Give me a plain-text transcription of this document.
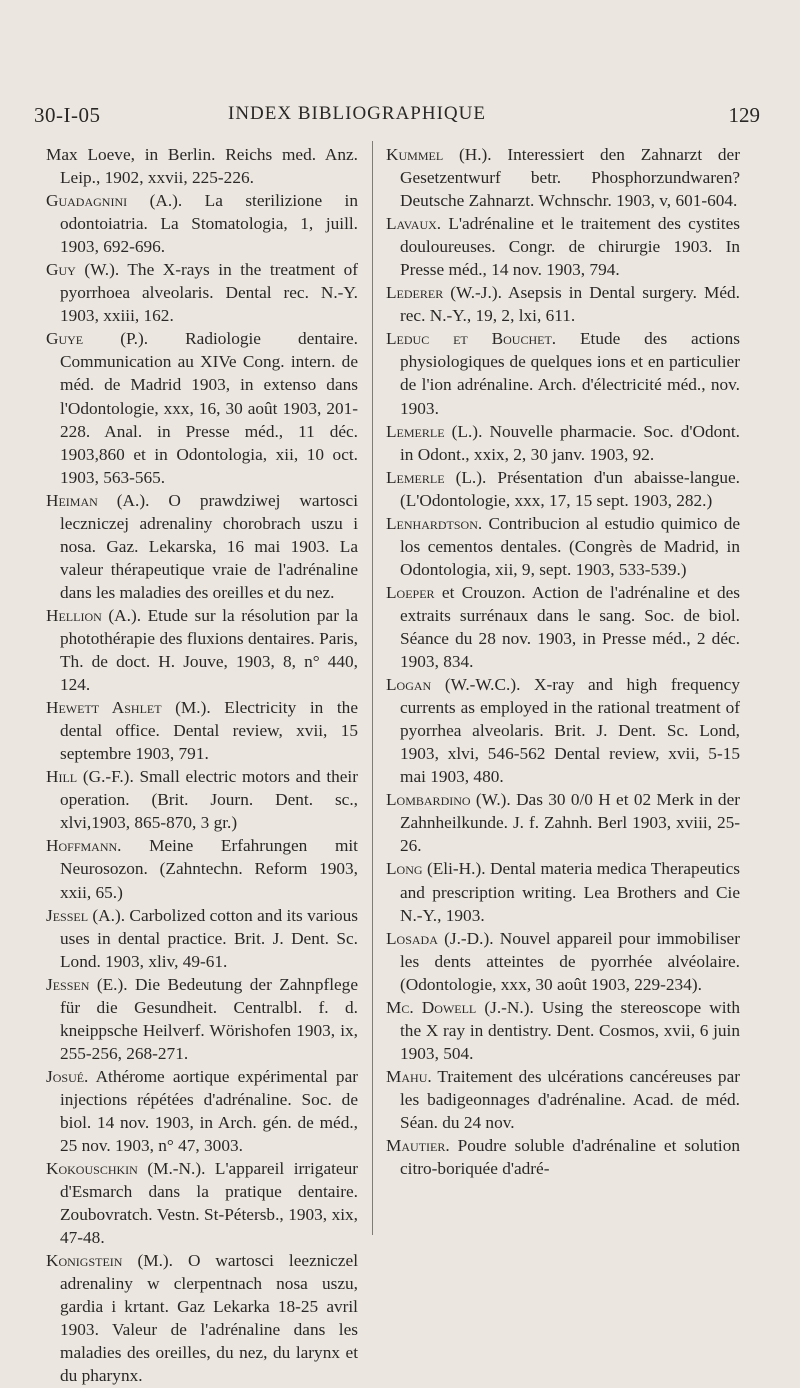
30-I-05	INDEX BIBLIOGRAPHIQUE	129
Max Loeve, in Berlin. Reichs med. Anz. Leip., 1902, xxvii, 225-226.
Guadagnini (A.). La sterilizione in odontoiatria. La Stomatologia, 1, juill. 1903, 692-696.
Guy (W.). The X-rays in the treatment of pyorrhoea alveolaris. Dental rec. N.-Y. 1903, xxiii, 162.
Guye (P.). Radiologie dentaire. Communication au XIVe Cong. intern. de méd. de Madrid 1903, in extenso dans l'Odontologie, xxx, 16, 30 août 1903, 201-228. Anal. in Presse méd., 11 déc. 1903,860 et in Odontologia, xii, 10 oct. 1903, 563-565.
Heiman (A.). O prawdziwej wartosci leczniczej adrenaliny chorobrach uszu i nosa. Gaz. Lekarska, 16 mai 1903. La valeur thérapeutique vraie de l'adrénaline dans les maladies des oreilles et du nez.
Hellion (A.). Etude sur la résolution par la photothérapie des fluxions dentaires. Paris, Th. de doct. H. Jouve, 1903, 8, n° 440, 124.
Hewett Ashlet (M.). Electricity in the dental office. Dental review, xvii, 15 septembre 1903, 791.
Hill (G.-F.). Small electric motors and their operation. (Brit. Journ. Dent. sc., xlvi,1903, 865-870, 3 gr.)
Hoffmann. Meine Erfahrungen mit Neurosozon. (Zahntechn. Reform 1903, xxii, 65.)
Jessel (A.). Carbolized cotton and its various uses in dental practice. Brit. J. Dent. Sc. Lond. 1903, xliv, 49-61.
Jessen (E.). Die Bedeutung der Zahnpflege für die Gesundheit. Centralbl. f. d. kneippsche Heilverf. Wörishofen 1903, ix, 255-256, 268-271.
Josué. Athérome aortique expérimental par injections répétées d'adrénaline. Soc. de biol. 14 nov. 1903, in Arch. gén. de méd., 25 nov. 1903, n° 47, 3003.
Kokouschkin (M.-N.). L'appareil irrigateur d'Esmarch dans la pratique dentaire. Zoubovratch. Vestn. St-Pétersb., 1903, xix, 47-48.
Konigstein (M.). O wartosci leezniczel adrenaliny w clerpentnach nosa uszu, gardia i krtant. Gaz Lekarka 18-25 avril 1903. Valeur de l'adrénaline dans les maladies des oreilles, du nez, du larynx et du pharynx.
Kummel (H.). Interessiert den Zahnarzt der Gesetzentwurf betr. Phosphorzundwaren? Deutsche Zahnarzt. Wchnschr. 1903, v, 601-604.
Lavaux. L'adrénaline et le traitement des cystites douloureuses. Congr. de chirurgie 1903. In Presse méd., 14 nov. 1903, 794.
Lederer (W.-J.). Asepsis in Dental surgery. Méd. rec. N.-Y., 19, 2, lxi, 611.
Leduc et Bouchet. Etude des actions physiologiques de quelques ions et en particulier de l'ion adrénaline. Arch. d'électricité méd., nov. 1903.
Lemerle (L.). Nouvelle pharmacie. Soc. d'Odont. in Odont., xxix, 2, 30 janv. 1903, 92.
Lemerle (L.). Présentation d'un abaisse-langue. (L'Odontologie, xxx, 17, 15 sept. 1903, 282.)
Lenhardtson. Contribucion al estudio quimico de los cementos dentales. (Congrès de Madrid, in Odontologia, xii, 9, sept. 1903, 533-539.)
Loeper et Crouzon. Action de l'adrénaline et des extraits surrénaux dans le sang. Soc. de biol. Séance du 28 nov. 1903, in Presse méd., 2 déc. 1903, 834.
Logan (W.-W.C.). X-ray and high frequency currents as employed in the rational treatment of pyorrhea alveolaris. Brit. J. Dent. Sc. Lond, 1903, xlvi, 546-562 Dental review, xvii, 5-15 mai 1903, 480.
Lombardino (W.). Das 30 0/0 H et 02 Merk in der Zahnheilkunde. J. f. Zahnh. Berl 1903, xviii, 25-26.
Long (Eli-H.). Dental materia medica Therapeutics and prescription writing. Lea Brothers and Cie N.-Y., 1903.
Losada (J.-D.). Nouvel appareil pour immobiliser les dents atteintes de pyorrhée alvéolaire. (Odontologie, xxx, 30 août 1903, 229-234).
Mc. Dowell (J.-N.). Using the stereoscope with the X ray in dentistry. Dent. Cosmos, xvii, 6 juin 1903, 504.
Mahu. Traitement des ulcérations cancéreuses par les badigeonnages d'adrénaline. Acad. de méd. Séan. du 24 nov.
Mautier. Poudre soluble d'adrénaline et solution citro-boriquée d'adré-
